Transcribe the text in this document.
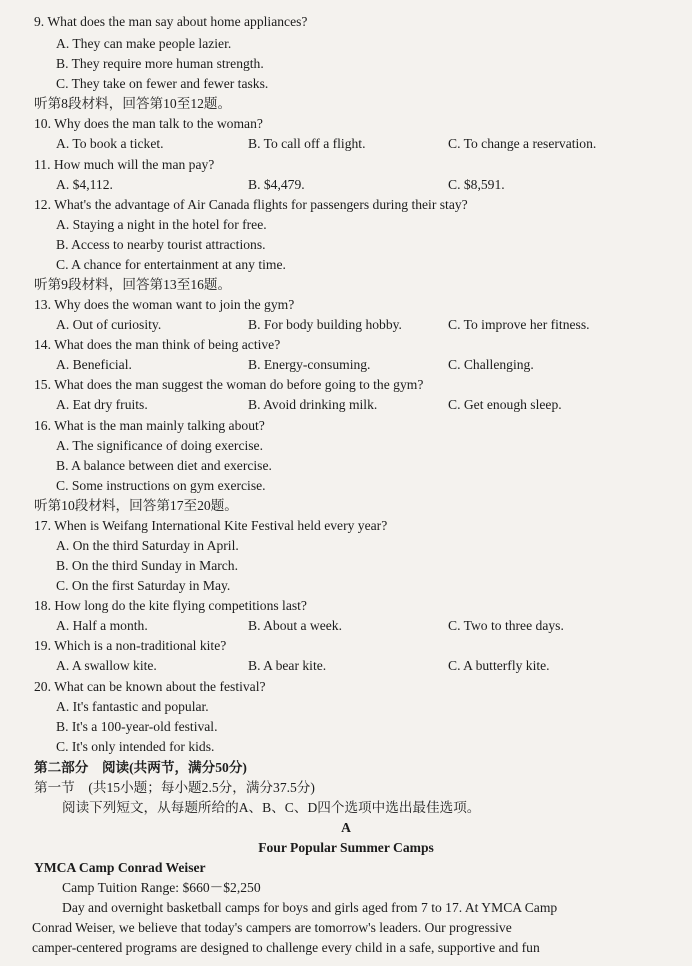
9. What does the man say about home appliances?
A. They can make people lazier.
B. They require more human strength.
C. They take on fewer and fewer tasks.
听第8段材料，回答第10至12题。
10. Why does the man talk to the woman?
A. To book a ticket.	B. To call off a flight.	C. To change a reservation.
11. How much will the man pay?
A. $4,112.	B. $4,479.	C. $8,591.
12. What's the advantage of Air Canada flights for passengers during their stay?
A. Staying a night in the hotel for free.
B. Access to nearby tourist attractions.
C. A chance for entertainment at any time.
听第9段材料，回答第13至16题。
13. Why does the woman want to join the gym?
A. Out of curiosity.	B. For body building hobby.	C. To improve her fitness.
14. What does the man think of being active?
A. Beneficial.	B. Energy-consuming.	C. Challenging.
15. What does the man suggest the woman do before going to the gym?
A. Eat dry fruits.	B. Avoid drinking milk.	C. Get enough sleep.
16. What is the man mainly talking about?
A. The significance of doing exercise.
B. A balance between diet and exercise.
C. Some instructions on gym exercise.
听第10段材料，回答第17至20题。
17. When is Weifang International Kite Festival held every year?
A. On the third Saturday in April.
B. On the third Sunday in March.
C. On the first Saturday in May.
18. How long do the kite flying competitions last?
A. Half a month.	B. About a week.	C. Two to three days.
19. Which is a non-traditional kite?
A. A swallow kite.	B. A bear kite.	C. A butterfly kite.
20. What can be known about the festival?
A. It's fantastic and popular.
B. It's a 100-year-old festival.
C. It's only intended for kids.
第二部分　阅读(共两节，满分50分)
第一节　(共15小题；每小题2.5分，满分37.5分)
阅读下列短文，从每题所给的A、B、C、D四个选项中选出最佳选项。
A
Four Popular Summer Camps
YMCA Camp Conrad Weiser
Camp Tuition Range: $660－$2,250
Day and overnight basketball camps for boys and girls aged from 7 to 17. At YMCA Camp
Conrad Weiser, we believe that today's campers are tomorrow's leaders. Our progressive
camper-centered programs are designed to challenge every child in a safe, supportive and fun
